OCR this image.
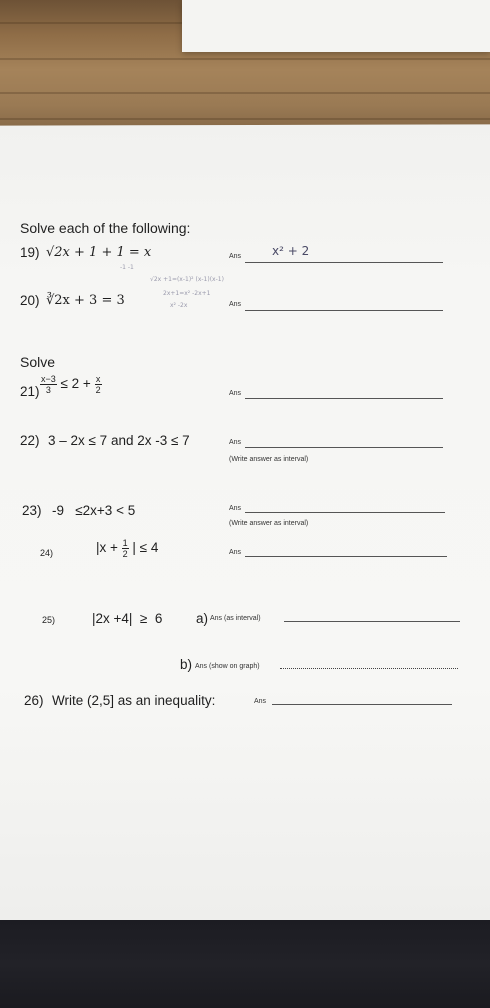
Solve each of the following:
19) √2x + 1 + 1 = x	Ans	x² + 2
-1 -1
√2x +1=(x-1)² (x-1)(x-1)
2x+1=x² -2x+1
x² -2x
20) ∛2x + 3 = 3	Ans
Solve
$21) \frac{x-3}{3} \le 2 + \frac{x}{2}$	Ans
22) 3 – 2x ≤ 7 and 2x -3 ≤ 7	Ans
(Write answer as interval)
23) -9   ≤2x+3 < 5	Ans
(Write answer as interval)
24)	$|x + \frac{1}{2}$ | ≤ 4	Ans
25)	|2x +4|  ≥  6 a) Ans (as interval)
b) Ans (show on graph)
26) Write (2,5] as an inequality:	Ans
